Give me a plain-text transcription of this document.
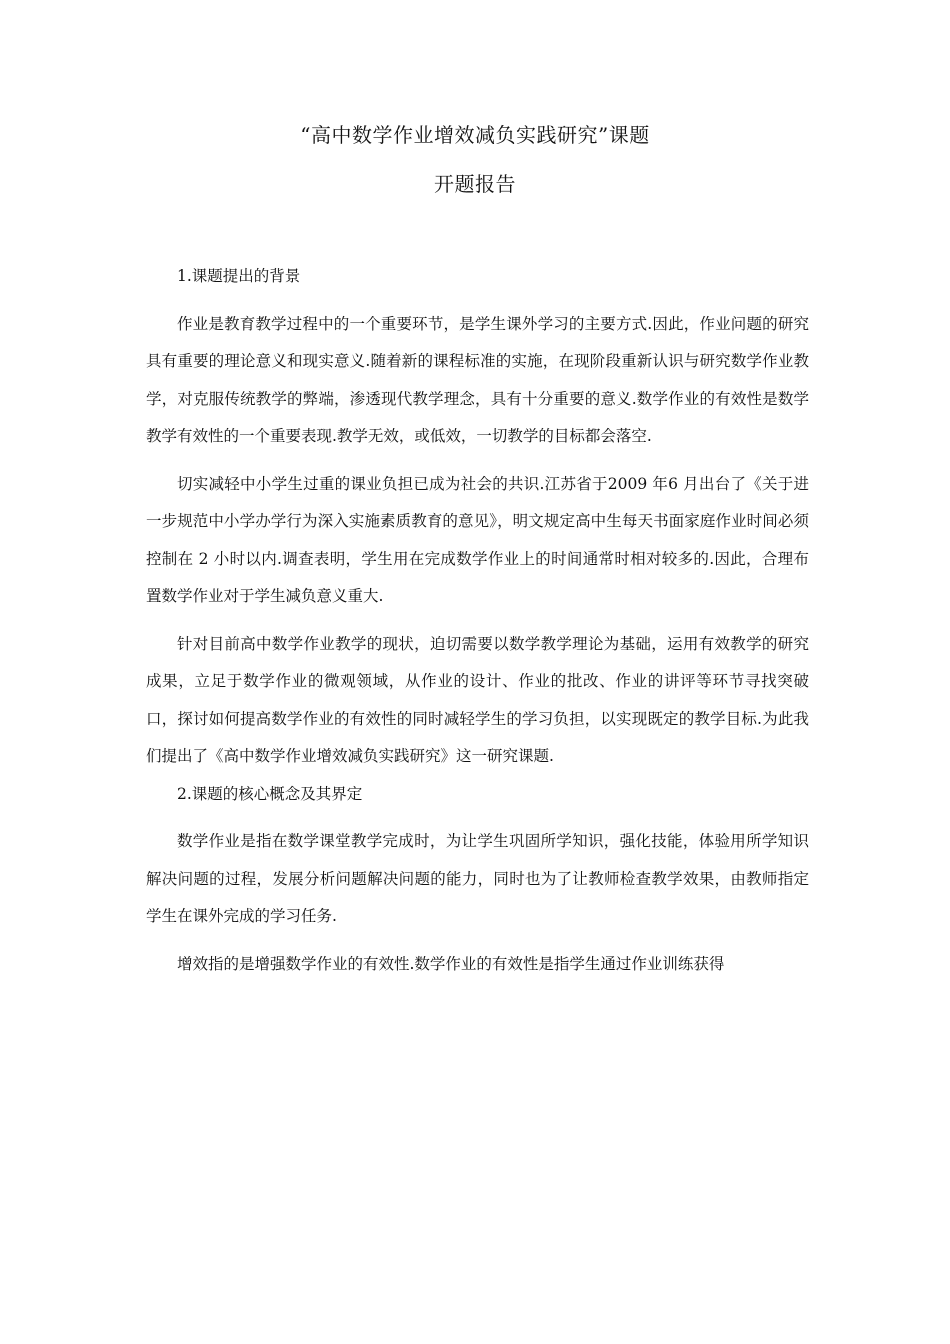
“高中数学作业增效减负实践研究”课题
开题报告

1.课题提出的背景

作业是教育教学过程中的一个重要环节，是学生课外学习的主要方式.因此，作业问题的研究具有重要的理论意义和现实意义.随着新的课程标准的实施，在现阶段重新认识与研究数学作业教学，对克服传统教学的弊端，渗透现代教学理念，具有十分重要的意义.数学作业的有效性是数学教学有效性的一个重要表现.教学无效，或低效，一切教学的目标都会落空.

切实减轻中小学生过重的课业负担已成为社会的共识.江苏省于2009 年6 月出台了《关于进一步规范中小学办学行为深入实施素质教育的意见》，明文规定高中生每天书面家庭作业时间必须控制在 2 小时以内.调查表明，学生用在完成数学作业上的时间通常时相对较多的.因此，合理布置数学作业对于学生减负意义重大.

针对目前高中数学作业教学的现状，迫切需要以数学教学理论为基础，运用有效教学的研究成果，立足于数学作业的微观领域，从作业的设计、作业的批改、作业的讲评等环节寻找突破口，探讨如何提高数学作业的有效性的同时减轻学生的学习负担，以实现既定的教学目标.为此我们提出了《高中数学作业增效减负实践研究》这一研究课题.

2.课题的核心概念及其界定

数学作业是指在数学课堂教学完成时，为让学生巩固所学知识，强化技能，体验用所学知识解决问题的过程，发展分析问题解决问题的能力，同时也为了让教师检查教学效果，由教师指定学生在课外完成的学习任务.

增效指的是增强数学作业的有效性.数学作业的有效性是指学生通过作业训练获得
